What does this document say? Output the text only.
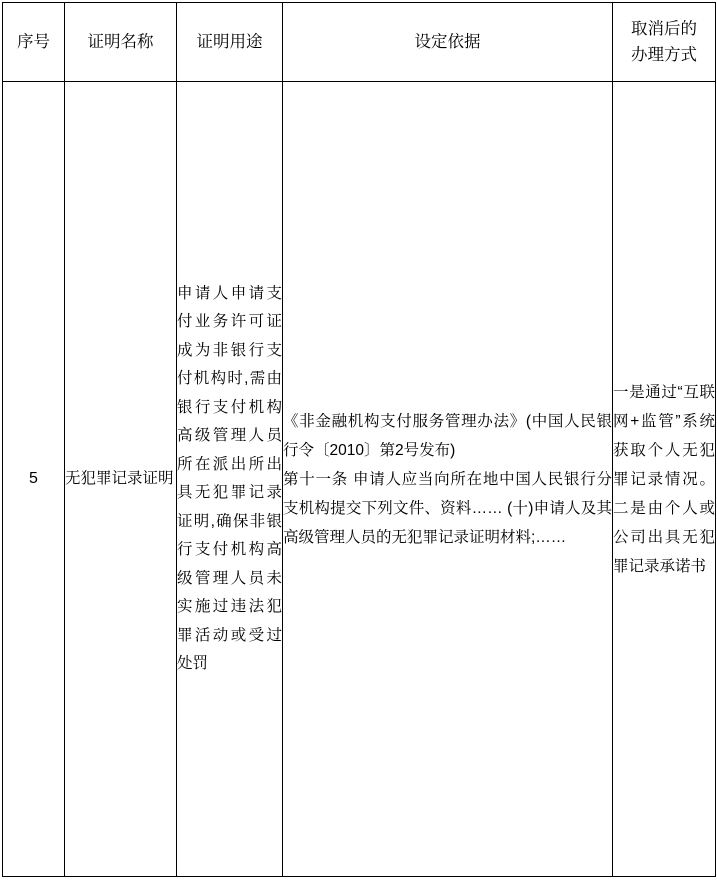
序号	证明名称	证明用途	设定依据	取消后的
办理方式

5	无犯罪记录证明	申请人申请支付业务许可证成为非银行支付机构时,需由银行支付机构高级管理人员所在派出所出具无犯罪记录证明,确保非银行支付机构高级管理人员未实施过违法犯罪活动或受过处罚	《非金融机构支付服务管理办法》(中国人民银行令〔2010〕第2号发布)

第十一条 申请人应当向所在地中国人民银行分支机构提交下列文件、资料…… (十)申请人及其高级管理人员的无犯罪记录证明材料;……	一是通过“互联网+监管”系统获取个人无犯罪记录情况。二是由个人或公司出具无犯罪记录承诺书
